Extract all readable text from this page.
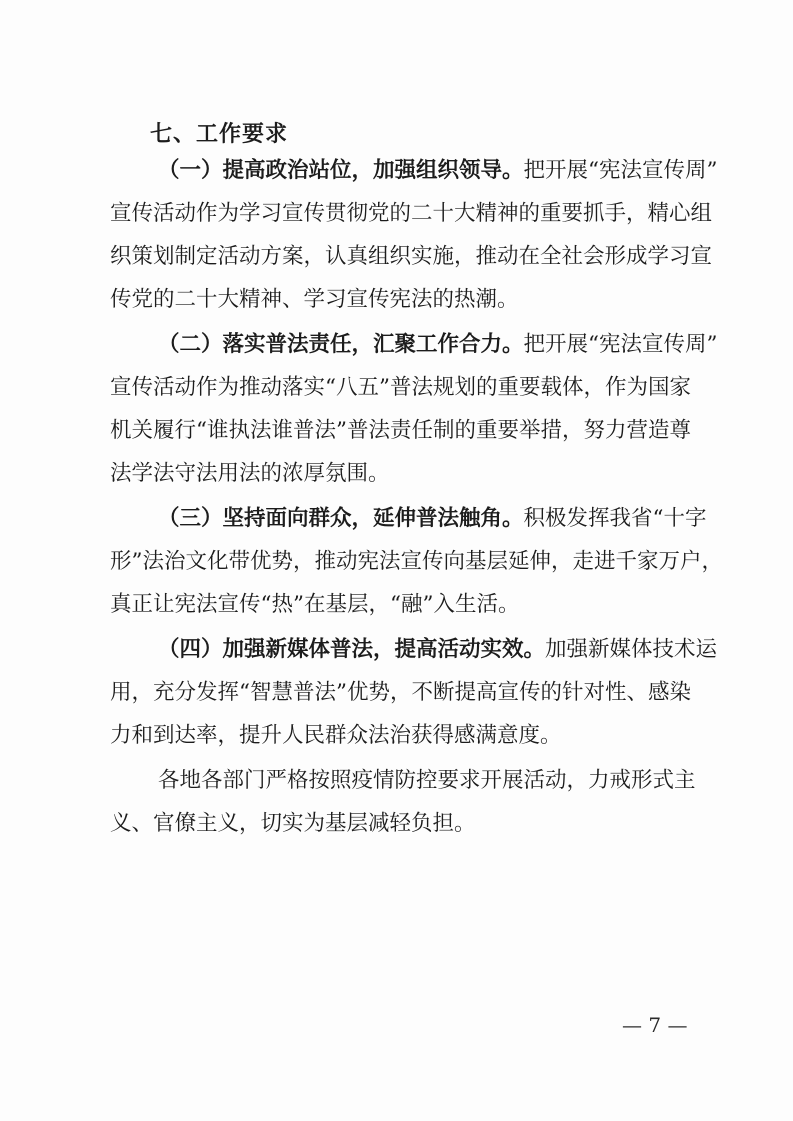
七、工作要求

（一）提高政治站位，加强组织领导。把开展“宪法宣传周”

宣传活动作为学习宣传贯彻党的二十大精神的重要抓手，精心组

织策划制定活动方案，认真组织实施，推动在全社会形成学习宣

传党的二十大精神、学习宣传宪法的热潮。

（二）落实普法责任，汇聚工作合力。把开展“宪法宣传周”

宣传活动作为推动落实“八五”普法规划的重要载体，作为国家

机关履行“谁执法谁普法”普法责任制的重要举措，努力营造尊

法学法守法用法的浓厚氛围。

（三）坚持面向群众，延伸普法触角。积极发挥我省“十字

形”法治文化带优势，推动宪法宣传向基层延伸，走进千家万户，

真正让宪法宣传“热”在基层，“融”入生活。

（四）加强新媒体普法，提高活动实效。加强新媒体技术运

用，充分发挥“智慧普法”优势，不断提高宣传的针对性、感染

力和到达率，提升人民群众法治获得感满意度。

各地各部门严格按照疫情防控要求开展活动，力戒形式主

义、官僚主义，切实为基层减轻负担。

— 7 —
